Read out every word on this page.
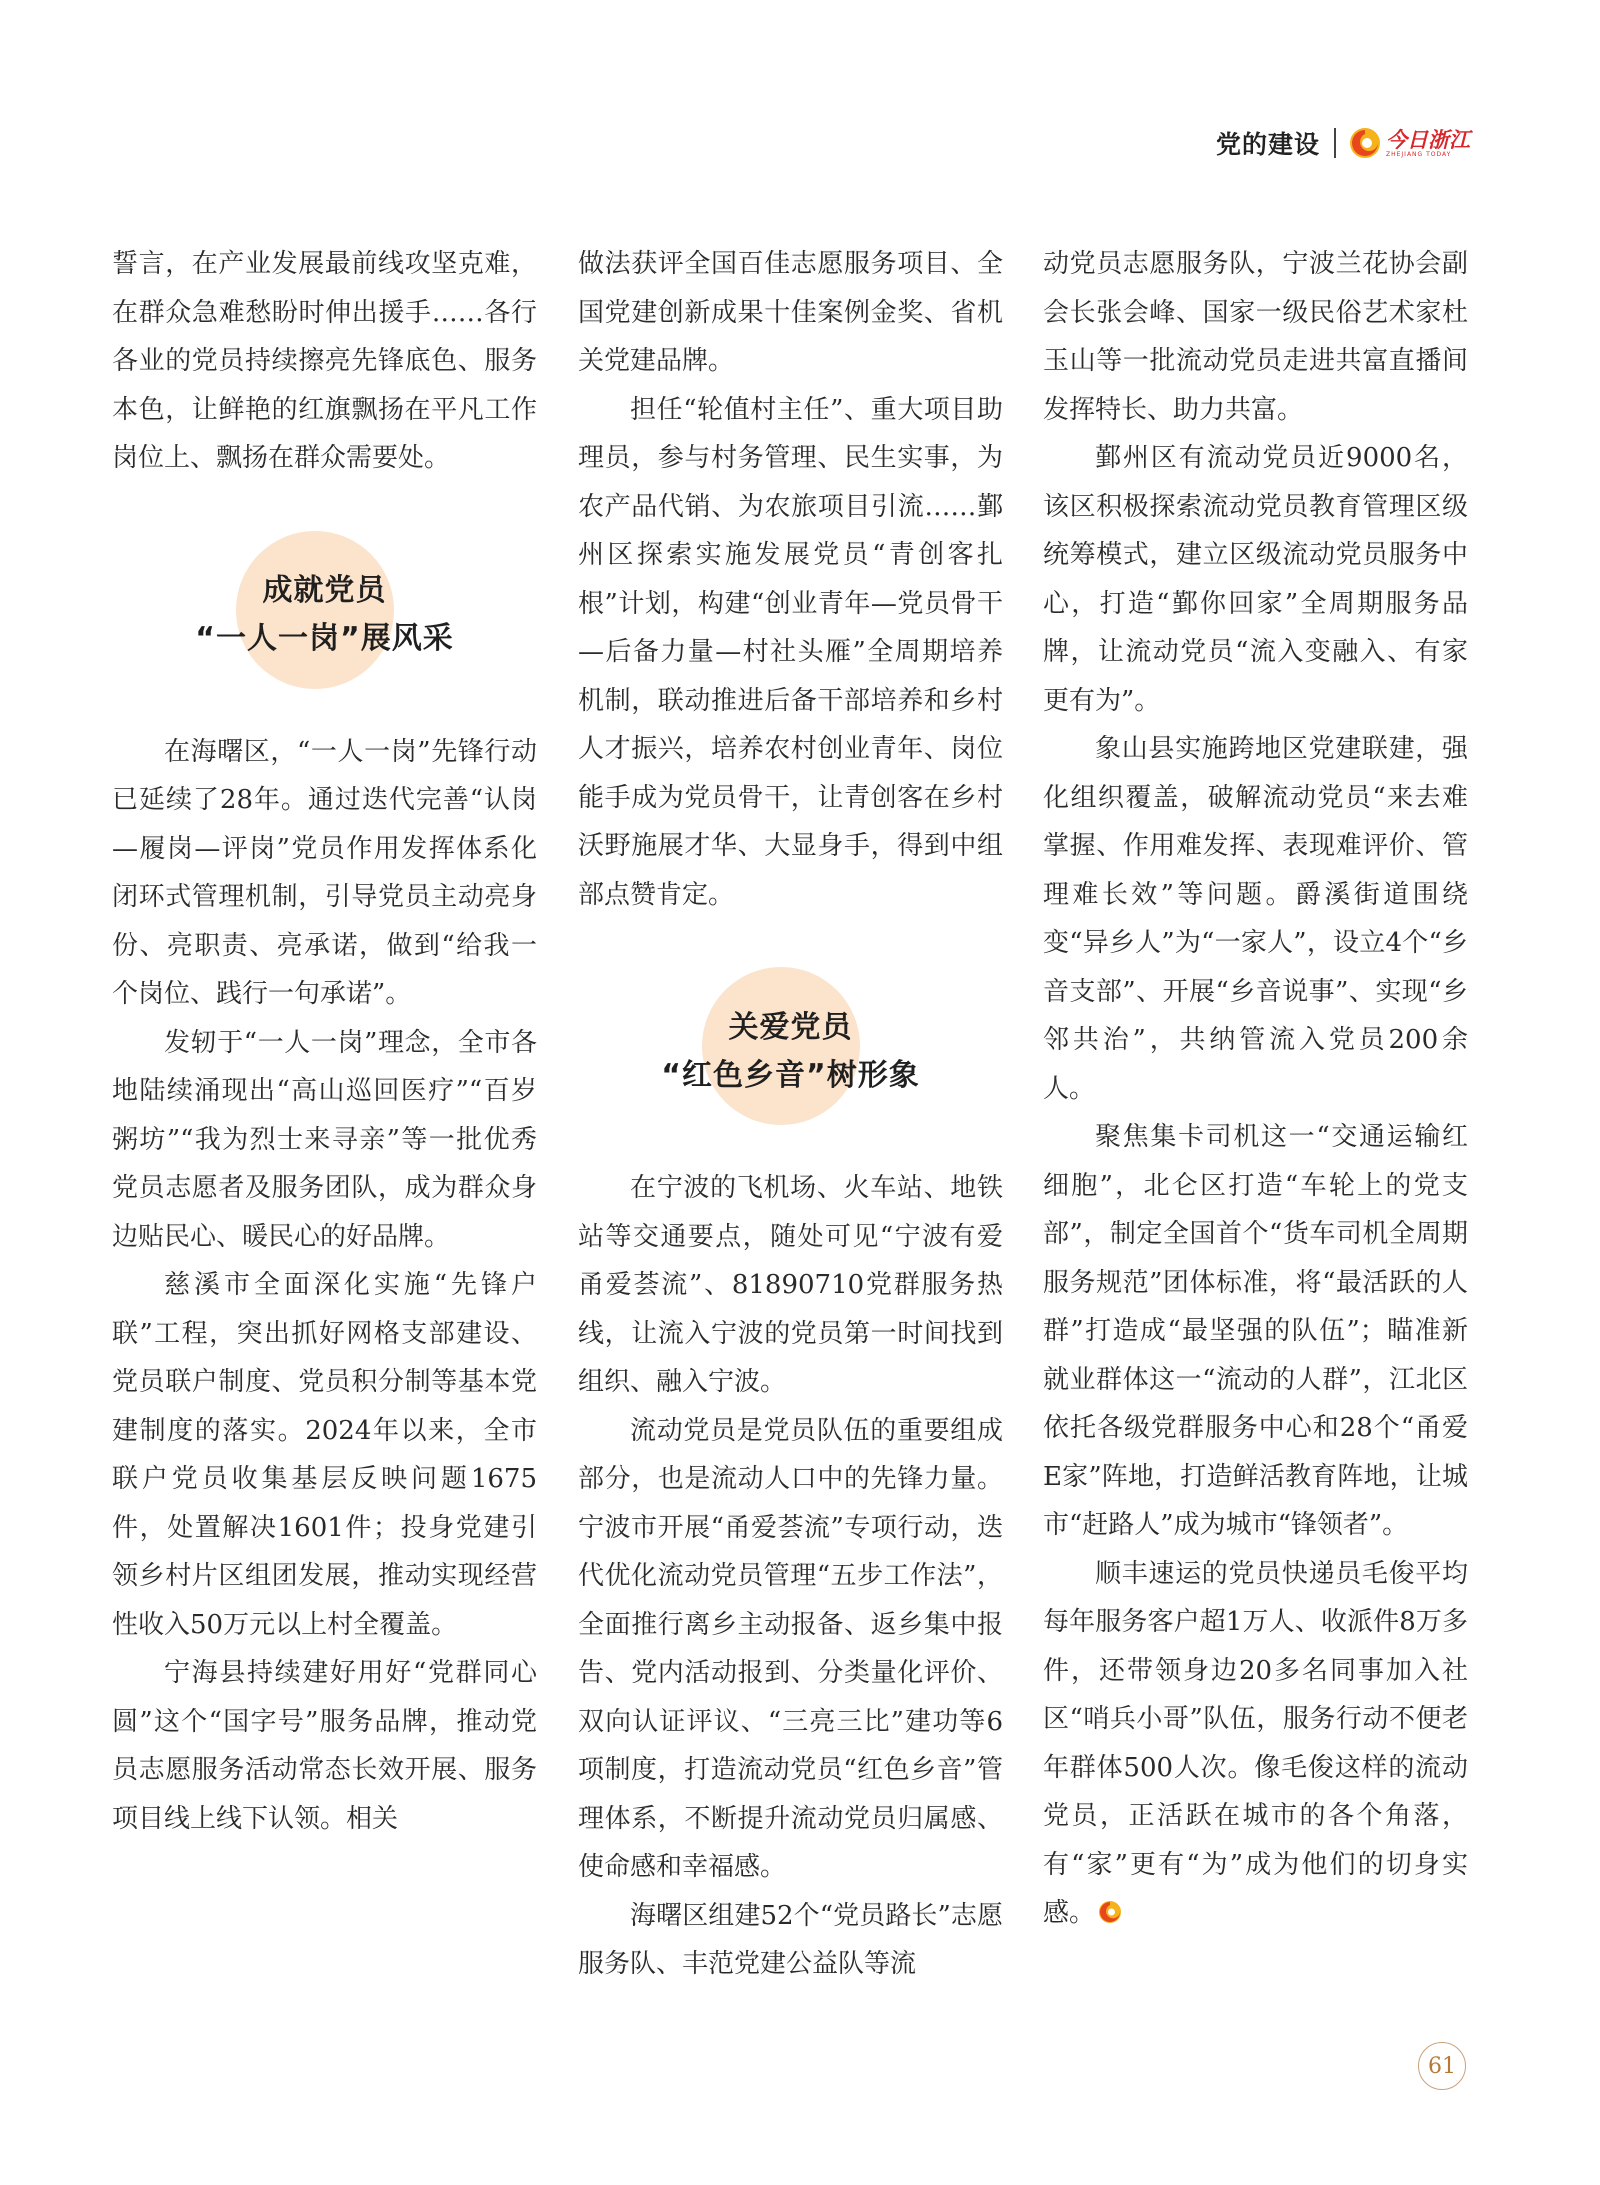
党的建设	今日浙江
ZHEJIANG TODAY

誓言，在产业发展最前线攻坚克难，在群众急难愁盼时伸出援手……各行各业的党员持续擦亮先锋底色、服务本色，让鲜艳的红旗飘扬在平凡工作岗位上、飘扬在群众需要处。

成就党员
“一人一岗”展风采

在海曙区，“一人一岗”先锋行动已延续了28年。通过迭代完善“认岗—履岗—评岗”党员作用发挥体系化闭环式管理机制，引导党员主动亮身份、亮职责、亮承诺，做到“给我一个岗位、践行一句承诺”。

发轫于“一人一岗”理念，全市各地陆续涌现出“高山巡回医疗”“百岁粥坊”“我为烈士来寻亲”等一批优秀党员志愿者及服务团队，成为群众身边贴民心、暖民心的好品牌。

慈溪市全面深化实施“先锋户联”工程，突出抓好网格支部建设、党员联户制度、党员积分制等基本党建制度的落实。2024年以来，全市联户党员收集基层反映问题1675件，处置解决1601件；投身党建引领乡村片区组团发展，推动实现经营性收入50万元以上村全覆盖。

宁海县持续建好用好“党群同心圆”这个“国字号”服务品牌，推动党员志愿服务活动常态长效开展、服务项目线上线下认领。相关

做法获评全国百佳志愿服务项目、全国党建创新成果十佳案例金奖、省机关党建品牌。

担任“轮值村主任”、重大项目助理员，参与村务管理、民生实事，为农产品代销、为农旅项目引流……鄞州区探索实施发展党员“青创客扎根”计划，构建“创业青年—党员骨干—后备力量—村社头雁”全周期培养机制，联动推进后备干部培养和乡村人才振兴，培养农村创业青年、岗位能手成为党员骨干，让青创客在乡村沃野施展才华、大显身手，得到中组部点赞肯定。

关爱党员
“红色乡音”树形象

在宁波的飞机场、火车站、地铁站等交通要点，随处可见“宁波有爱 甬爱荟流”、81890710党群服务热线，让流入宁波的党员第一时间找到组织、融入宁波。

流动党员是党员队伍的重要组成部分，也是流动人口中的先锋力量。宁波市开展“甬爱荟流”专项行动，迭代优化流动党员管理“五步工作法”，全面推行离乡主动报备、返乡集中报告、党内活动报到、分类量化评价、双向认证评议、“三亮三比”建功等6项制度，打造流动党员“红色乡音”管理体系，不断提升流动党员归属感、使命感和幸福感。

海曙区组建52个“党员路长”志愿服务队、丰范党建公益队等流

动党员志愿服务队，宁波兰花协会副会长张会峰、国家一级民俗艺术家杜玉山等一批流动党员走进共富直播间发挥特长、助力共富。

鄞州区有流动党员近9000名，该区积极探索流动党员教育管理区级统筹模式，建立区级流动党员服务中心，打造“鄞你回家”全周期服务品牌，让流动党员“流入变融入、有家更有为”。

象山县实施跨地区党建联建，强化组织覆盖，破解流动党员“来去难掌握、作用难发挥、表现难评价、管理难长效”等问题。爵溪街道围绕变“异乡人”为“一家人”，设立4个“乡音支部”、开展“乡音说事”、实现“乡邻共治”，共纳管流入党员200余人。

聚焦集卡司机这一“交通运输红细胞”，北仑区打造“车轮上的党支部”，制定全国首个“货车司机全周期服务规范”团体标准，将“最活跃的人群”打造成“最坚强的队伍”；瞄准新就业群体这一“流动的人群”，江北区依托各级党群服务中心和28个“甬爱E家”阵地，打造鲜活教育阵地，让城市“赶路人”成为城市“锋领者”。

顺丰速运的党员快递员毛俊平均每年服务客户超1万人、收派件8万多件，还带领身边20多名同事加入社区“哨兵小哥”队伍，服务行动不便老年群体500人次。像毛俊这样的流动党员，正活跃在城市的各个角落，有“家”更有“为”成为他们的切身实感。

61
